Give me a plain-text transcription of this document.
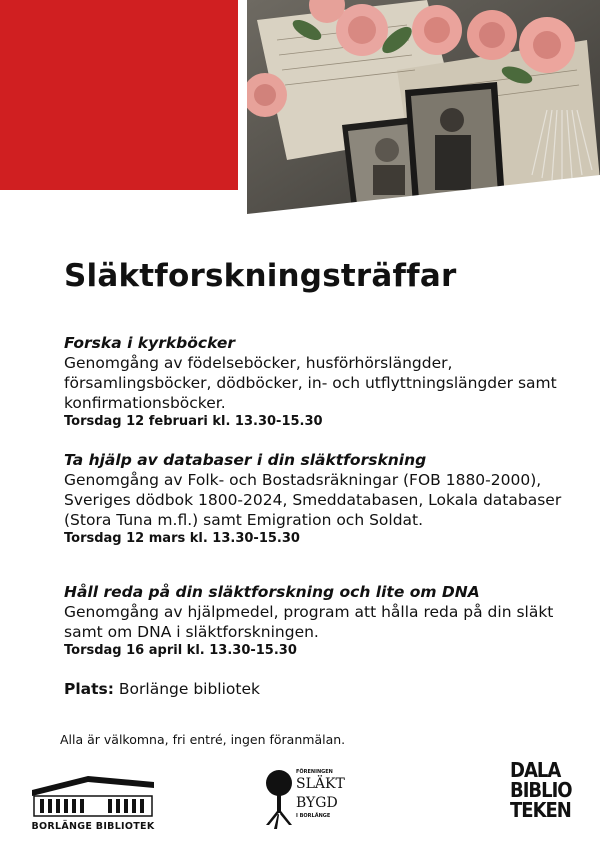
Släktforskningsträffar
Forska i kyrkböcker

Genomgång av födelseböcker, husförhörslängder, församlingsböcker, dödböcker, in- och utflyttningslängder samt konfirmationsböcker.

Torsdag 12 februari kl. 13.30-15.30

Ta hjälp av databaser i din släktforskning

Genomgång av Folk- och Bostadsräkningar (FOB 1880-2000), Sveriges dödbok 1800-2024, Smeddatabasen, Lokala databaser (Stora Tuna m.fl.) samt Emigration och Soldat.

Torsdag 12 mars kl. 13.30-15.30

Håll reda på din släktforskning och lite om DNA

Genomgång av hjälpmedel, program att hålla reda på din släkt samt om DNA i släktforskningen.

Torsdag 16 april kl. 13.30-15.30

Plats: Borlänge bibliotek

Alla är välkomna, fri entré, ingen föranmälan.

BORLÄNGE BIBLIOTEK
FÖRENINGEN
SLÄKT
BYGD
I BORLÄNGE
DALA
BIBLIO
TEKEN
